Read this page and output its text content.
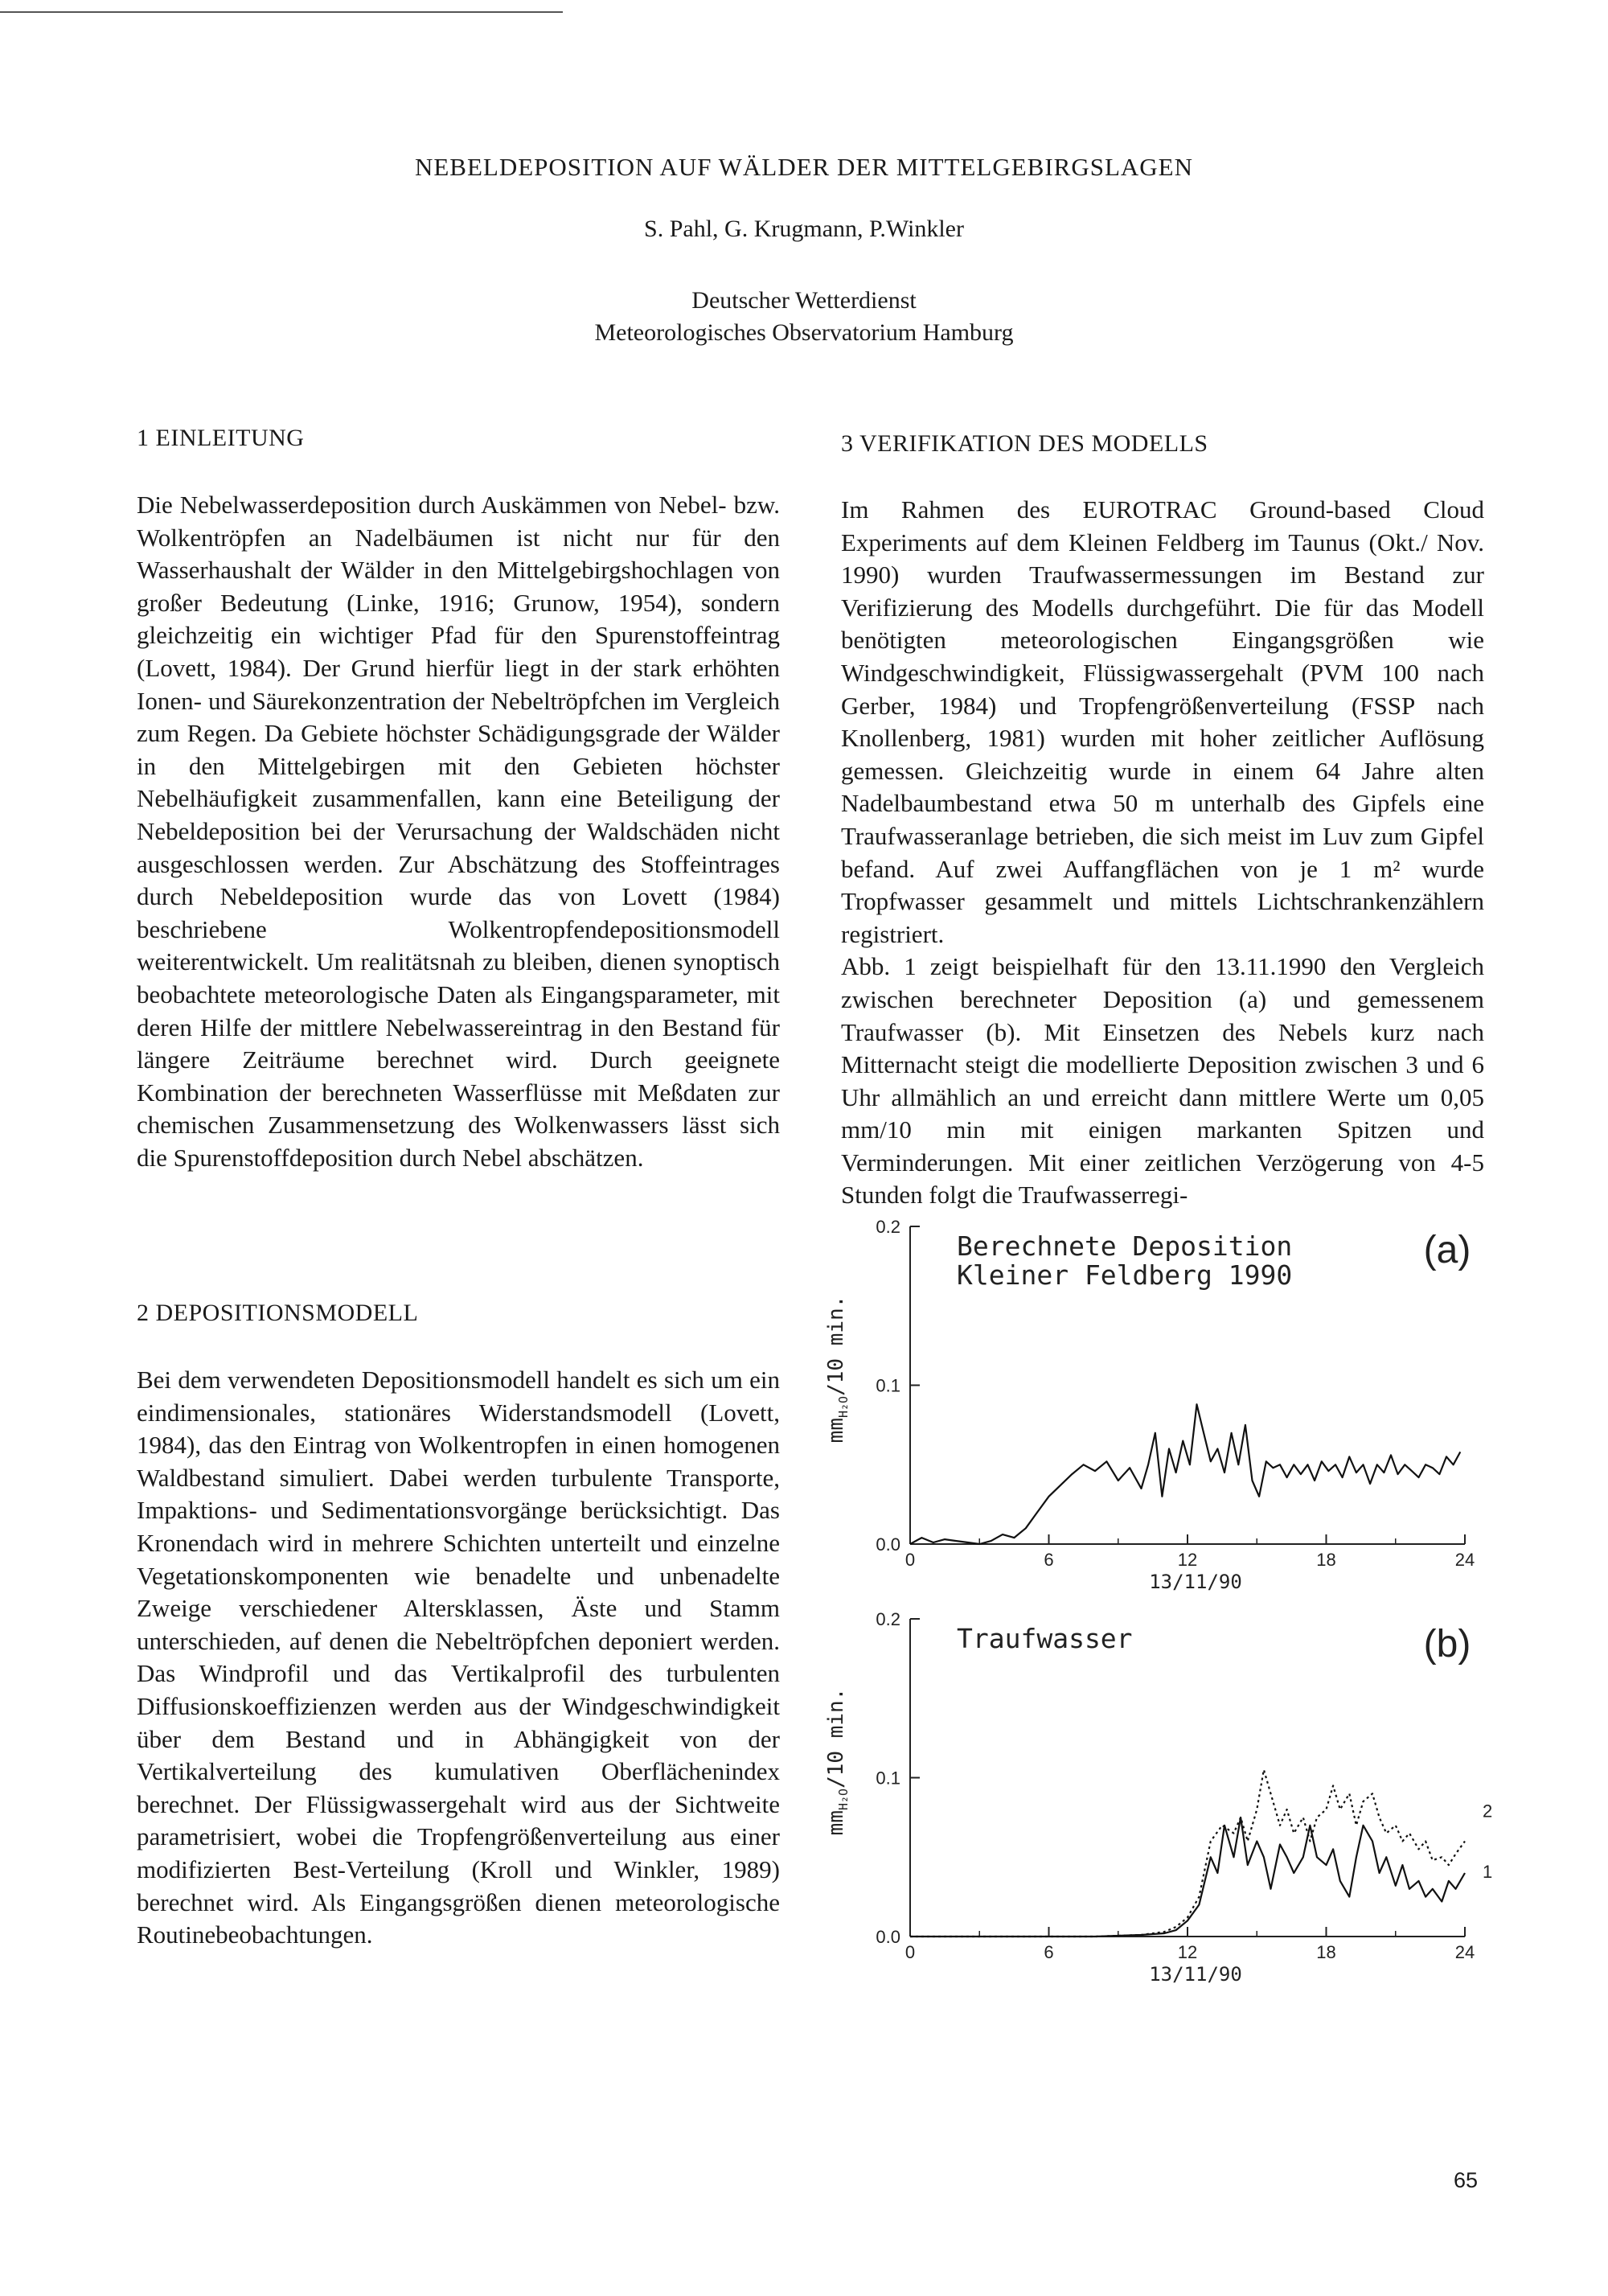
NEBELDEPOSITION AUF WÄLDER DER MITTELGEBIRGSLAGEN
S. Pahl, G. Krugmann, P.Winkler
Deutscher Wetterdienst
Meteorologisches Observatorium Hamburg
1 EINLEITUNG

Die Nebelwasserdeposition durch Auskämmen von Nebel- bzw. Wolkentröpfen an Nadelbäumen ist nicht nur für den Wasserhaushalt der Wälder in den Mittelgebirgshochlagen von großer Bedeutung (Linke, 1916; Grunow, 1954), sondern gleichzeitig ein wichtiger Pfad für den Spurenstoffeintrag (Lovett, 1984). Der Grund hierfür liegt in der stark erhöhten Ionen- und Säurekonzentration der Nebeltröpfchen im Vergleich zum Regen. Da Gebiete höchster Schädigungsgrade der Wälder in den Mittelgebirgen mit den Gebieten höchster Nebelhäufigkeit zusammenfallen, kann eine Beteiligung der Nebeldeposition bei der Verursachung der Waldschäden nicht ausgeschlossen werden. Zur Abschätzung des Stoffeintrages durch Nebeldeposition wurde das von Lovett (1984) beschriebene Wolkentropfendepositionsmodell weiterentwickelt. Um realitätsnah zu bleiben, dienen synoptisch beobachtete meteorologische Daten als Eingangsparameter, mit deren Hilfe der mittlere Nebelwassereintrag in den Bestand für längere Zeiträume berechnet wird. Durch geeignete Kombination der berechneten Wasserflüsse mit Meßdaten zur chemischen Zusammensetzung des Wolkenwassers lässt sich die Spurenstoffdeposition durch Nebel abschätzen.

2 DEPOSITIONSMODELL

Bei dem verwendeten Depositionsmodell handelt es sich um ein eindimensionales, stationäres Widerstandsmodell (Lovett, 1984), das den Eintrag von Wolkentropfen in einen homogenen Waldbestand simuliert. Dabei werden turbulente Transporte, Impaktions- und Sedimentationsvorgänge berücksichtigt. Das Kronendach wird in mehrere Schichten unterteilt und einzelne Vegetationskomponenten wie benadelte und unbenadelte Zweige verschiedener Altersklassen, Äste und Stamm unterschieden, auf denen die Nebeltröpfchen deponiert werden. Das Windprofil und das Vertikalprofil des turbulenten Diffusionskoeffizienzen werden aus der Windgeschwindigkeit über dem Bestand und in Abhängigkeit von der Vertikalverteilung des kumulativen Oberflächenindex berechnet. Der Flüssigwassergehalt wird aus der Sichtweite parametrisiert, wobei die Tropfengrößenverteilung aus einer modifizierten Best-Verteilung (Kroll und Winkler, 1989) berechnet wird. Als Eingangsgrößen dienen meteorologische Routinebeobachtungen.

3 VERIFIKATION DES MODELLS

Im Rahmen des EUROTRAC Ground-based Cloud Experiments auf dem Kleinen Feldberg im Taunus (Okt./ Nov. 1990) wurden Traufwassermessungen im Bestand zur Verifizierung des Modells durchgeführt. Die für das Modell benötigten meteorologischen Eingangsgrößen wie Windgeschwindigkeit, Flüssigwassergehalt (PVM 100 nach Gerber, 1984) und Tropfengrößenverteilung (FSSP nach Knollenberg, 1981) wurden mit hoher zeitlicher Auflösung gemessen. Gleichzeitig wurde in einem 64 Jahre alten Nadelbaumbestand etwa 50 m unterhalb des Gipfels eine Traufwasseranlage betrieben, die sich meist im Luv zum Gipfel befand. Auf zwei Auffangflächen von je 1 m² wurde Tropfwasser gesammelt und mittels Lichtschrankenzählern registriert.

Abb. 1 zeigt beispielhaft für den 13.11.1990 den Vergleich zwischen berechneter Deposition (a) und gemessenem Traufwasser (b). Mit Einsetzen des Nebels kurz nach Mitternacht steigt die modellierte Deposition zwischen 3 und 6 Uhr allmählich an und erreicht dann mittlere Werte um 0,05 mm/10 min mit einigen markanten Spitzen und Verminderungen. Mit einer zeitlichen Verzögerung von 4-5 Stunden folgt die Traufwasserregi-

0.0
0.1
0.2
0	6	12	18	24
13/11/90
$mm_{H_2O}/10$ min.
Berechnete Deposition
Kleiner Feldberg 1990
(a)
0.0
0.1
0.2
0	6	12	18	24
13/11/90
$mm_{H_2O}/10$ min.
Traufwasser	(b)
1
2
65
